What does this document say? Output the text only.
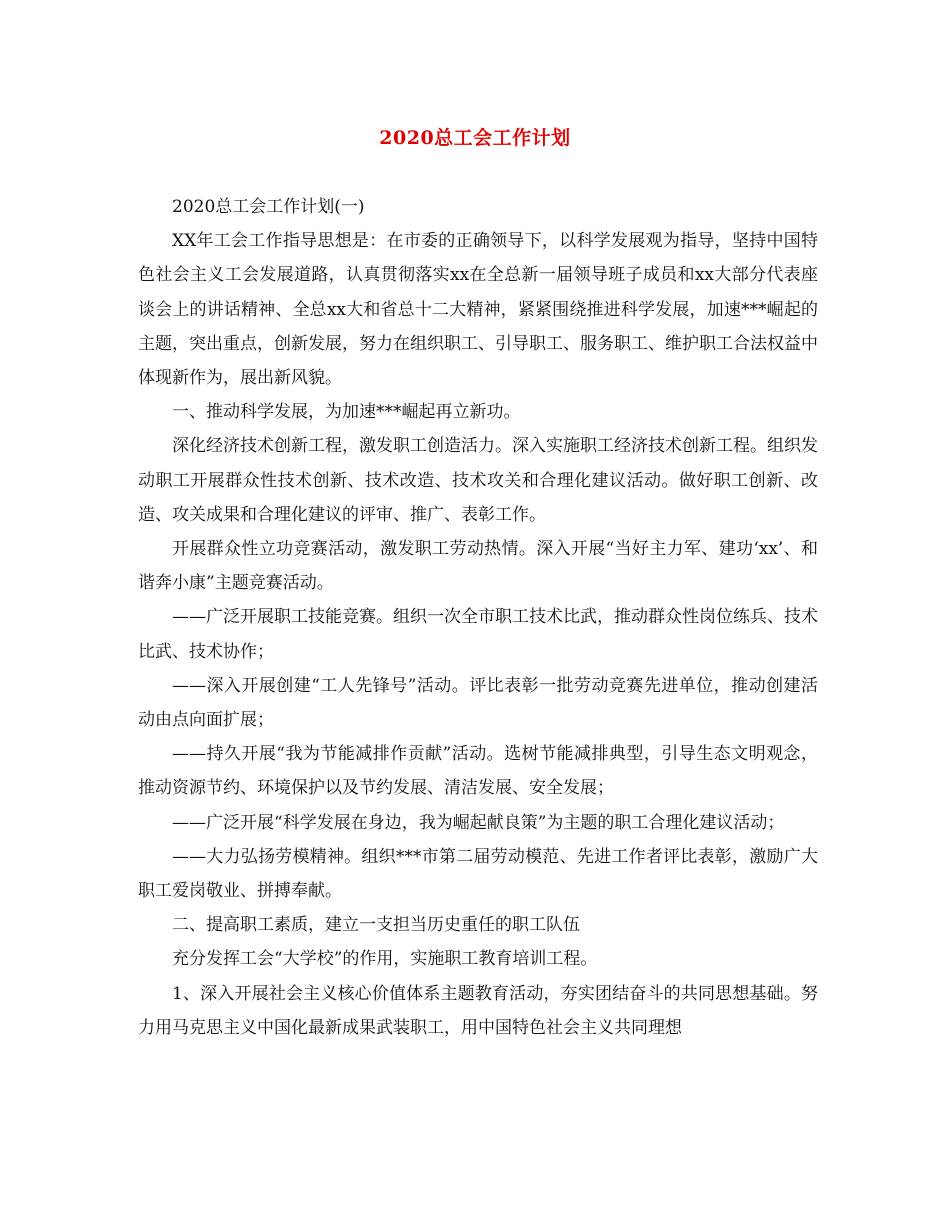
2020总工会工作计划

2020总工会工作计划(一)

XX年工会工作指导思想是：在市委的正确领导下，以科学发展观为指导，坚持中国特色社会主义工会发展道路，认真贯彻落实xx在全总新一届领导班子成员和xx大部分代表座谈会上的讲话精神、全总xx大和省总十二大精神，紧紧围绕推进科学发展，加速***崛起的主题，突出重点，创新发展，努力在组织职工、引导职工、服务职工、维护职工合法权益中体现新作为，展出新风貌。

一、推动科学发展，为加速***崛起再立新功。

深化经济技术创新工程，激发职工创造活力。深入实施职工经济技术创新工程。组织发动职工开展群众性技术创新、技术改造、技术攻关和合理化建议活动。做好职工创新、改造、攻关成果和合理化建议的评审、推广、表彰工作。

开展群众性立功竞赛活动，激发职工劳动热情。深入开展“当好主力军、建功‘xx’、和谐奔小康”主题竞赛活动。

——广泛开展职工技能竞赛。组织一次全市职工技术比武，推动群众性岗位练兵、技术比武、技术协作；

——深入开展创建“工人先锋号”活动。评比表彰一批劳动竞赛先进单位，推动创建活动由点向面扩展；

——持久开展“我为节能减排作贡献”活动。选树节能减排典型，引导生态文明观念，推动资源节约、环境保护以及节约发展、清洁发展、安全发展；

——广泛开展“科学发展在身边，我为崛起献良策”为主题的职工合理化建议活动；

——大力弘扬劳模精神。组织***市第二届劳动模范、先进工作者评比表彰，激励广大职工爱岗敬业、拼搏奉献。

二、提高职工素质，建立一支担当历史重任的职工队伍

充分发挥工会“大学校”的作用，实施职工教育培训工程。

1、深入开展社会主义核心价值体系主题教育活动，夯实团结奋斗的共同思想基础。努力用马克思主义中国化最新成果武装职工，用中国特色社会主义共同理想
